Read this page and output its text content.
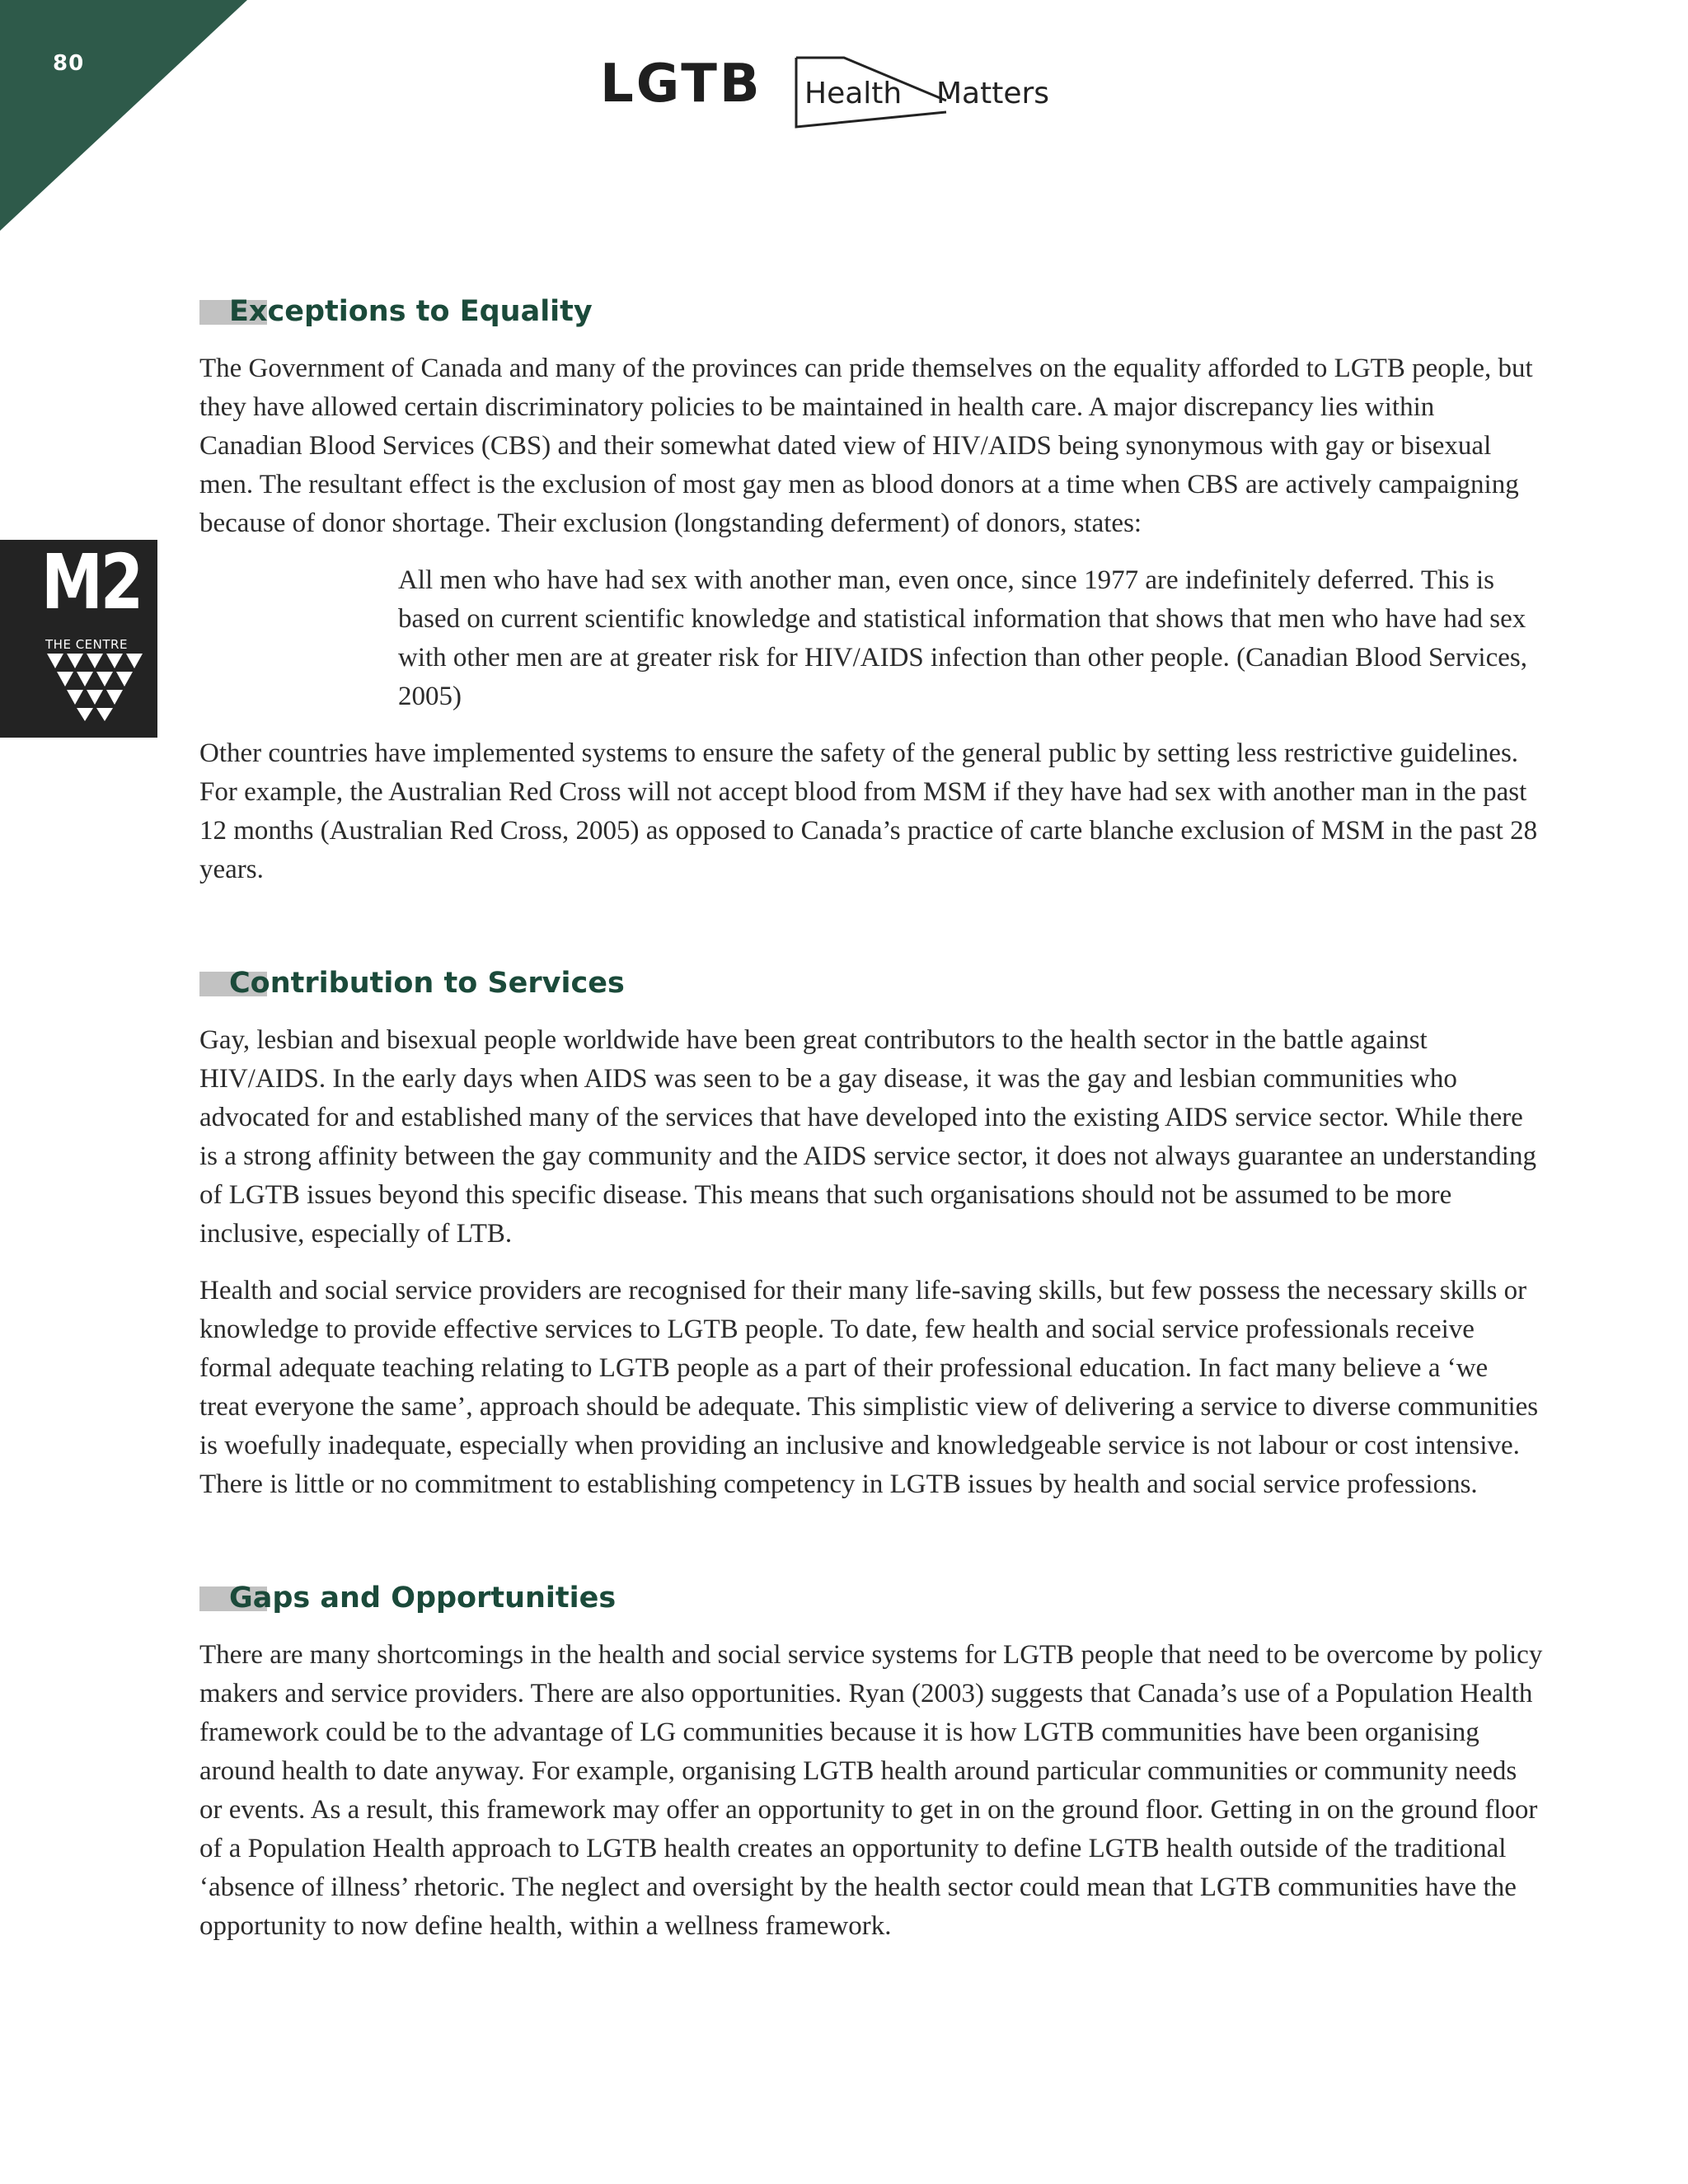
80	LGTB Health Matters
M2
THE CENTRE
Exceptions to Equality

The Government of Canada and many of the provinces can pride themselves on the equality afforded to LGTB people, but they have allowed certain discriminatory policies to be maintained in health care. A major discrepancy lies within Canadian Blood Services (CBS) and their somewhat dated view of HIV/AIDS being synonymous with gay or bisexual men. The resultant effect is the exclusion of most gay men as blood donors at a time when CBS are actively campaigning because of donor shortage. Their exclusion (longstanding deferment) of donors, states:

All men who have had sex with another man, even once, since 1977 are indefinitely deferred. This is based on current scientific knowledge and statistical information that shows that men who have had sex with other men are at greater risk for HIV/AIDS infection than other people. (Canadian Blood Services, 2005)

Other countries have implemented systems to ensure the safety of the general public by setting less restrictive guidelines. For example, the Australian Red Cross will not accept blood from MSM if they have had sex with another man in the past 12 months (Australian Red Cross, 2005) as opposed to Canada’s practice of carte blanche exclusion of MSM in the past 28 years.

Contribution to Services

Gay, lesbian and bisexual people worldwide have been great contributors to the health sector in the battle against HIV/AIDS. In the early days when AIDS was seen to be a gay disease, it was the gay and lesbian communities who advocated for and established many of the services that have developed into the existing AIDS service sector. While there is a strong affinity between the gay community and the AIDS service sector, it does not always guarantee an understanding of LGTB issues beyond this specific disease. This means that such organisations should not be assumed to be more inclusive, especially of LTB.

Health and social service providers are recognised for their many life-saving skills, but few possess the necessary skills or knowledge to provide effective services to LGTB people. To date, few health and social service professionals receive formal adequate teaching relating to LGTB people as a part of their professional education. In fact many believe a ‘we treat everyone the same’, approach should be adequate. This simplistic view of delivering a service to diverse communities is woefully inadequate, especially when providing an inclusive and knowledgeable service is not labour or cost intensive. There is little or no commitment to establishing competency in LGTB issues by health and social service professions.

Gaps and Opportunities

There are many shortcomings in the health and social service systems for LGTB people that need to be overcome by policy makers and service providers. There are also opportunities. Ryan (2003) suggests that Canada’s use of a Population Health framework could be to the advantage of LG communities because it is how LGTB communities have been organising around health to date anyway. For example, organising LGTB health around particular communities or community needs or events. As a result, this framework may offer an opportunity to get in on the ground floor. Getting in on the ground floor of a Population Health approach to LGTB health creates an opportunity to define LGTB health outside of the traditional ‘absence of illness’ rhetoric. The neglect and oversight by the health sector could mean that LGTB communities have the opportunity to now define health, within a wellness framework.
